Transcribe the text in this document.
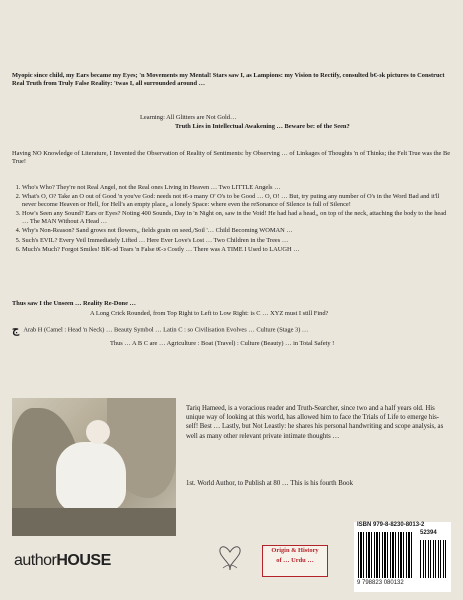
Myopic since child, my Ears became my Eyes; 'n Movements my Mental! Stars saw I, as Lampions: my Vision to Rectify, consulted b€-϶k pictures to Construct Real Truth from Truly False Reality: 'twas I, all surrounded around …
Learning: All Glitters are Not Gold…
Truth Lies in Intellectual Awakening … Beware be: of the Seen?
Having NO Knowledge of Literature, I Invented the Observation of Reality of Sentiments: by Observing … of Linkages of Thoughts 'n of Thinks; the Felt True was the Be True!
1. Who's Who? They're not Real Angel, not the Real ones Living in Heaven … Two LITTLE Angels …
2. What's O, O? Take an O out of Good 'n you've God: needs not t€-϶ many O' O's to be Good … O, O! … But, try puting any number of O's in the Word Bad and it'll never become Heaven or Hell, for Hell's an empty place,, a lonely Space: where even the reSonance of Silence is full of Silence!
3. How's Seen any Sound? Ears or Eyes? Noting 400 Sounds, Day in 'n Night on, saw in the Void! He had had a head,, on top of the neck, attaching the body to the head … The MAN Without A Head …
4. Why's Non-Reason? Sand grows not flowers,, fields grain on seed,/Soil '… Child Becoming WOMAN …
5. Such's EVIL? Every Veil Immediately Lifted … Here Ever Love's Lost … Two Children in the Trees …
6. Much's Much? Forgot Smiles! Bl€-϶d Tears 'n False t€-϶ Costly … There was A TIME I Used to LAUGH …
Thus saw I the Unseen … Reality Re-Done …
A Long Crick Rounded, from Top Right to Left to Low Right: is C … XYZ must I still Find?
ج Arab H (Camel : Head 'n Neck) … Beauty Symbol … Latin C : so Civilisation Evolves … Culture (Stage 3) …
Thus … A B C are … Agriculture : Boat (Travel) : Culture (Beauty) … in Total Safety !
Tariq Hameed, is a voracious reader and Truth-Searcher, since two and a half years old. His unique way of looking at this world, has allowed him to face the Trials of Life to emerge his-self! Best … Lastly, but Not Leastly: he shares his personal handwriting and scope analysis, as well as many other relevant private intimate thoughts …
1st. World Author, to Publish at 80 … This is his fourth Book
authorHOUSE
Origin & History
of … Urdu …
ISBN 979-8-8230-8013-2
52394
9 798823 080132
